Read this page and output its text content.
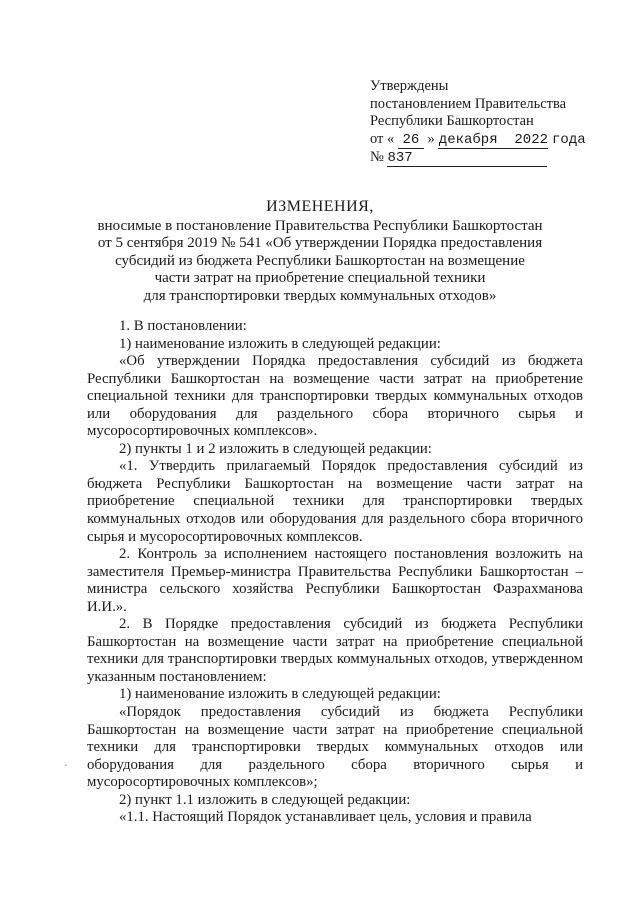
Утверждены
постановлением Правительства
Республики Башкортостан
от « 26 » декабря  2022 года
№ 837
ИЗМЕНЕНИЯ,
вносимые в постановление Правительства Республики Башкортостан
от 5 сентября 2019 № 541 «Об утверждении Порядка предоставления
субсидий из бюджета Республики Башкортостан на возмещение
части затрат на приобретение специальной техники
для транспортировки твердых коммунальных отходов»

1. В постановлении:

1) наименование изложить в следующей редакции:

«Об утверждении Порядка предоставления субсидий из бюджета Республики Башкортостан на возмещение части затрат на приобретение специальной техники для транспортировки твердых коммунальных отходов или оборудования для раздельного сбора вторичного сырья и мусоросортировочных комплексов».

2) пункты 1 и 2 изложить в следующей редакции:

«1. Утвердить прилагаемый Порядок предоставления субсидий из бюджета Республики Башкортостан на возмещение части затрат на приобретение специальной техники для транспортировки твердых коммунальных отходов или оборудования для раздельного сбора вторичного сырья и мусоросортировочных комплексов.

2. Контроль за исполнением настоящего постановления возложить на заместителя Премьер-министра Правительства Республики Башкортостан – министра сельского хозяйства Республики Башкортостан Фазрахманова И.И.».

2. В Порядке предоставления субсидий из бюджета Республики Башкортостан на возмещение части затрат на приобретение специальной техники для транспортировки твердых коммунальных отходов, утвержденном указанным постановлением:

1) наименование изложить в следующей редакции:

«Порядок предоставления субсидий из бюджета Республики Башкортостан на возмещение части затрат на приобретение специальной техники для транспортировки твердых коммунальных отходов или оборудования для раздельного сбора вторичного сырья и мусоросортировочных комплексов»;

2) пункт 1.1 изложить в следующей редакции:

«1.1. Настоящий Порядок устанавливает цель, условия и правила

·
